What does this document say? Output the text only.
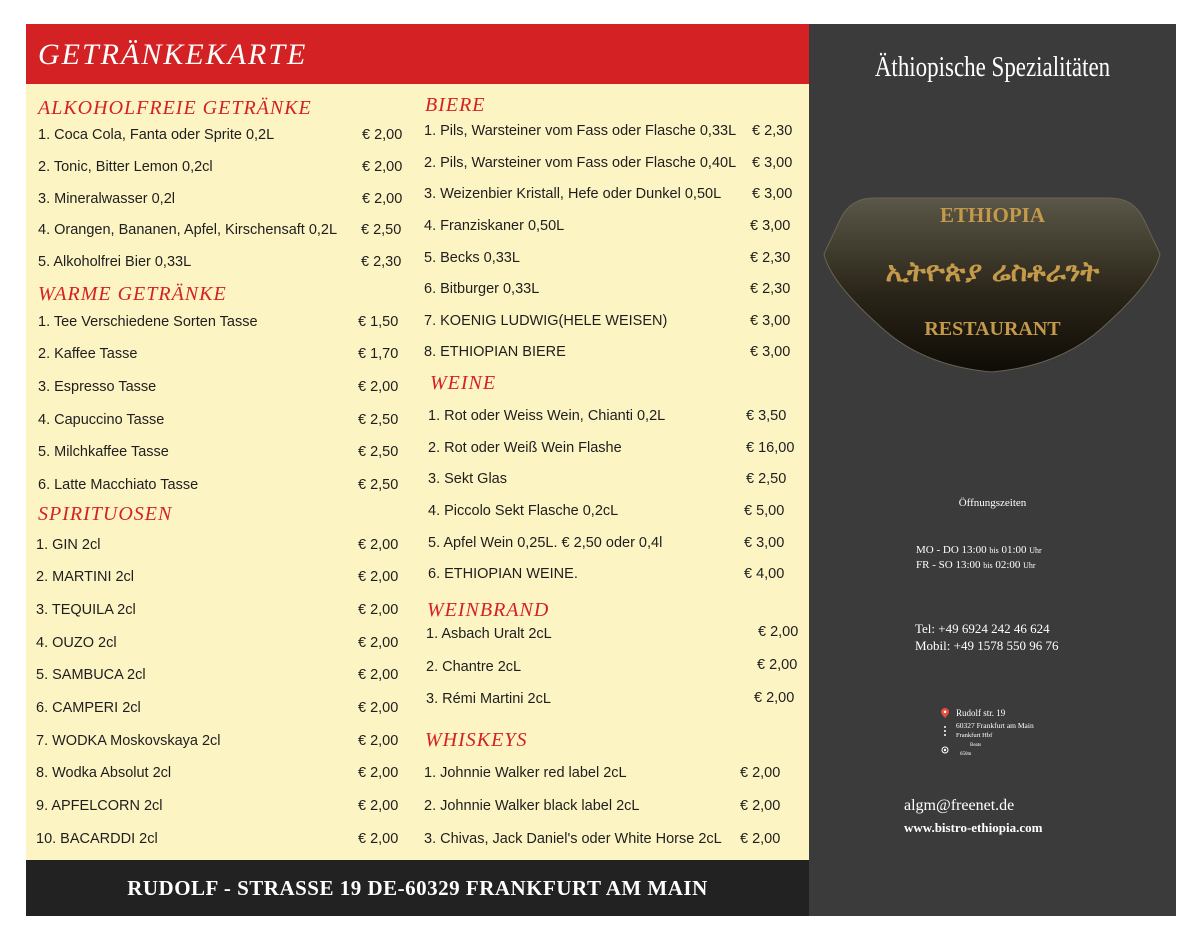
GETRÄNKEKARTE
ALKOHOLFREIE GETRÄNKE
1. Coca Cola, Fanta oder Sprite 0,2L	€ 2,00
2. Tonic, Bitter Lemon 0,2cl	€ 2,00
3. Mineralwasser 0,2l	€ 2,00
4. Orangen, Bananen, Apfel, Kirschensaft 0,2L € 2,50
5. Alkoholfrei Bier 0,33L	€ 2,30
WARME GETRÄNKE
1. Tee Verschiedene Sorten Tasse	€ 1,50
2. Kaffee Tasse	€ 1,70
3. Espresso Tasse	€ 2,00
4. Capuccino Tasse	€ 2,50
5. Milchkaffee Tasse	€ 2,50
6. Latte Macchiato Tasse	€ 2,50
SPIRITUOSEN
1. GIN 2cl	€ 2,00
2. MARTINI 2cl	€ 2,00
3. TEQUILA 2cl	€ 2,00
4. OUZO 2cl	€ 2,00
5. SAMBUCA 2cl	€ 2,00
6. CAMPERI 2cl	€ 2,00
7. WODKA Moskovskaya 2cl	€ 2,00
8. Wodka Absolut 2cl	€ 2,00
9. APFELCORN 2cl	€ 2,00
10. BACARDDI 2cl	€ 2,00
BIERE
1. Pils, Warsteiner vom Fass oder Flasche 0,33L € 2,30
2. Pils, Warsteiner vom Fass oder Flasche 0,40L € 3,00
3. Weizenbier Kristall, Hefe oder Dunkel 0,50L € 3,00
4. Franziskaner 0,50L	€ 3,00
5. Becks 0,33L	€ 2,30
6. Bitburger 0,33L	€ 2,30
7. KOENIG LUDWIG(HELE WEISEN)	€ 3,00
8. ETHIOPIAN BIERE	€ 3,00
WEINE
1. Rot oder Weiss Wein, Chianti 0,2L	€ 3,50
2. Rot oder Weiß Wein Flashe	€ 16,00
3. Sekt Glas	€ 2,50
4. Piccolo Sekt Flasche 0,2cL	€ 5,00
5. Apfel Wein 0,25L. € 2,50 oder 0,4l	€ 3,00
6. ETHIOPIAN WEINE.	€ 4,00
WEINBRAND
1. Asbach Uralt 2cL	€ 2,00
2. Chantre 2cL	€ 2,00
3. Rémi Martini 2cL	€ 2,00
WHISKEYS
1. Johnnie Walker red label 2cL	€ 2,00
2. Johnnie Walker black label 2cL	€ 2,00
3. Chivas, Jack Daniel's oder White Horse 2cL € 2,00
RUDOLF - STRASSE 19 DE-60329 FRANKFURT AM MAIN
Äthiopische Spezialitäten
ETHIOPIA
ኢትዮጵያ ሬስቶራንት
RESTAURANT
Öffnungszeiten
MO - DO 13:00 bis 01:00 Uhr
FR - SO 13:00 bis 02:00 Uhr
Tel: +49 6924 242 46 624
Mobil: +49 1578 550 96 76
Rudolf str. 19
60327 Frankfurt am Main
Frankfurt Hbf
Beats
650m
algm@freenet.de
www.bistro-ethiopia.com
